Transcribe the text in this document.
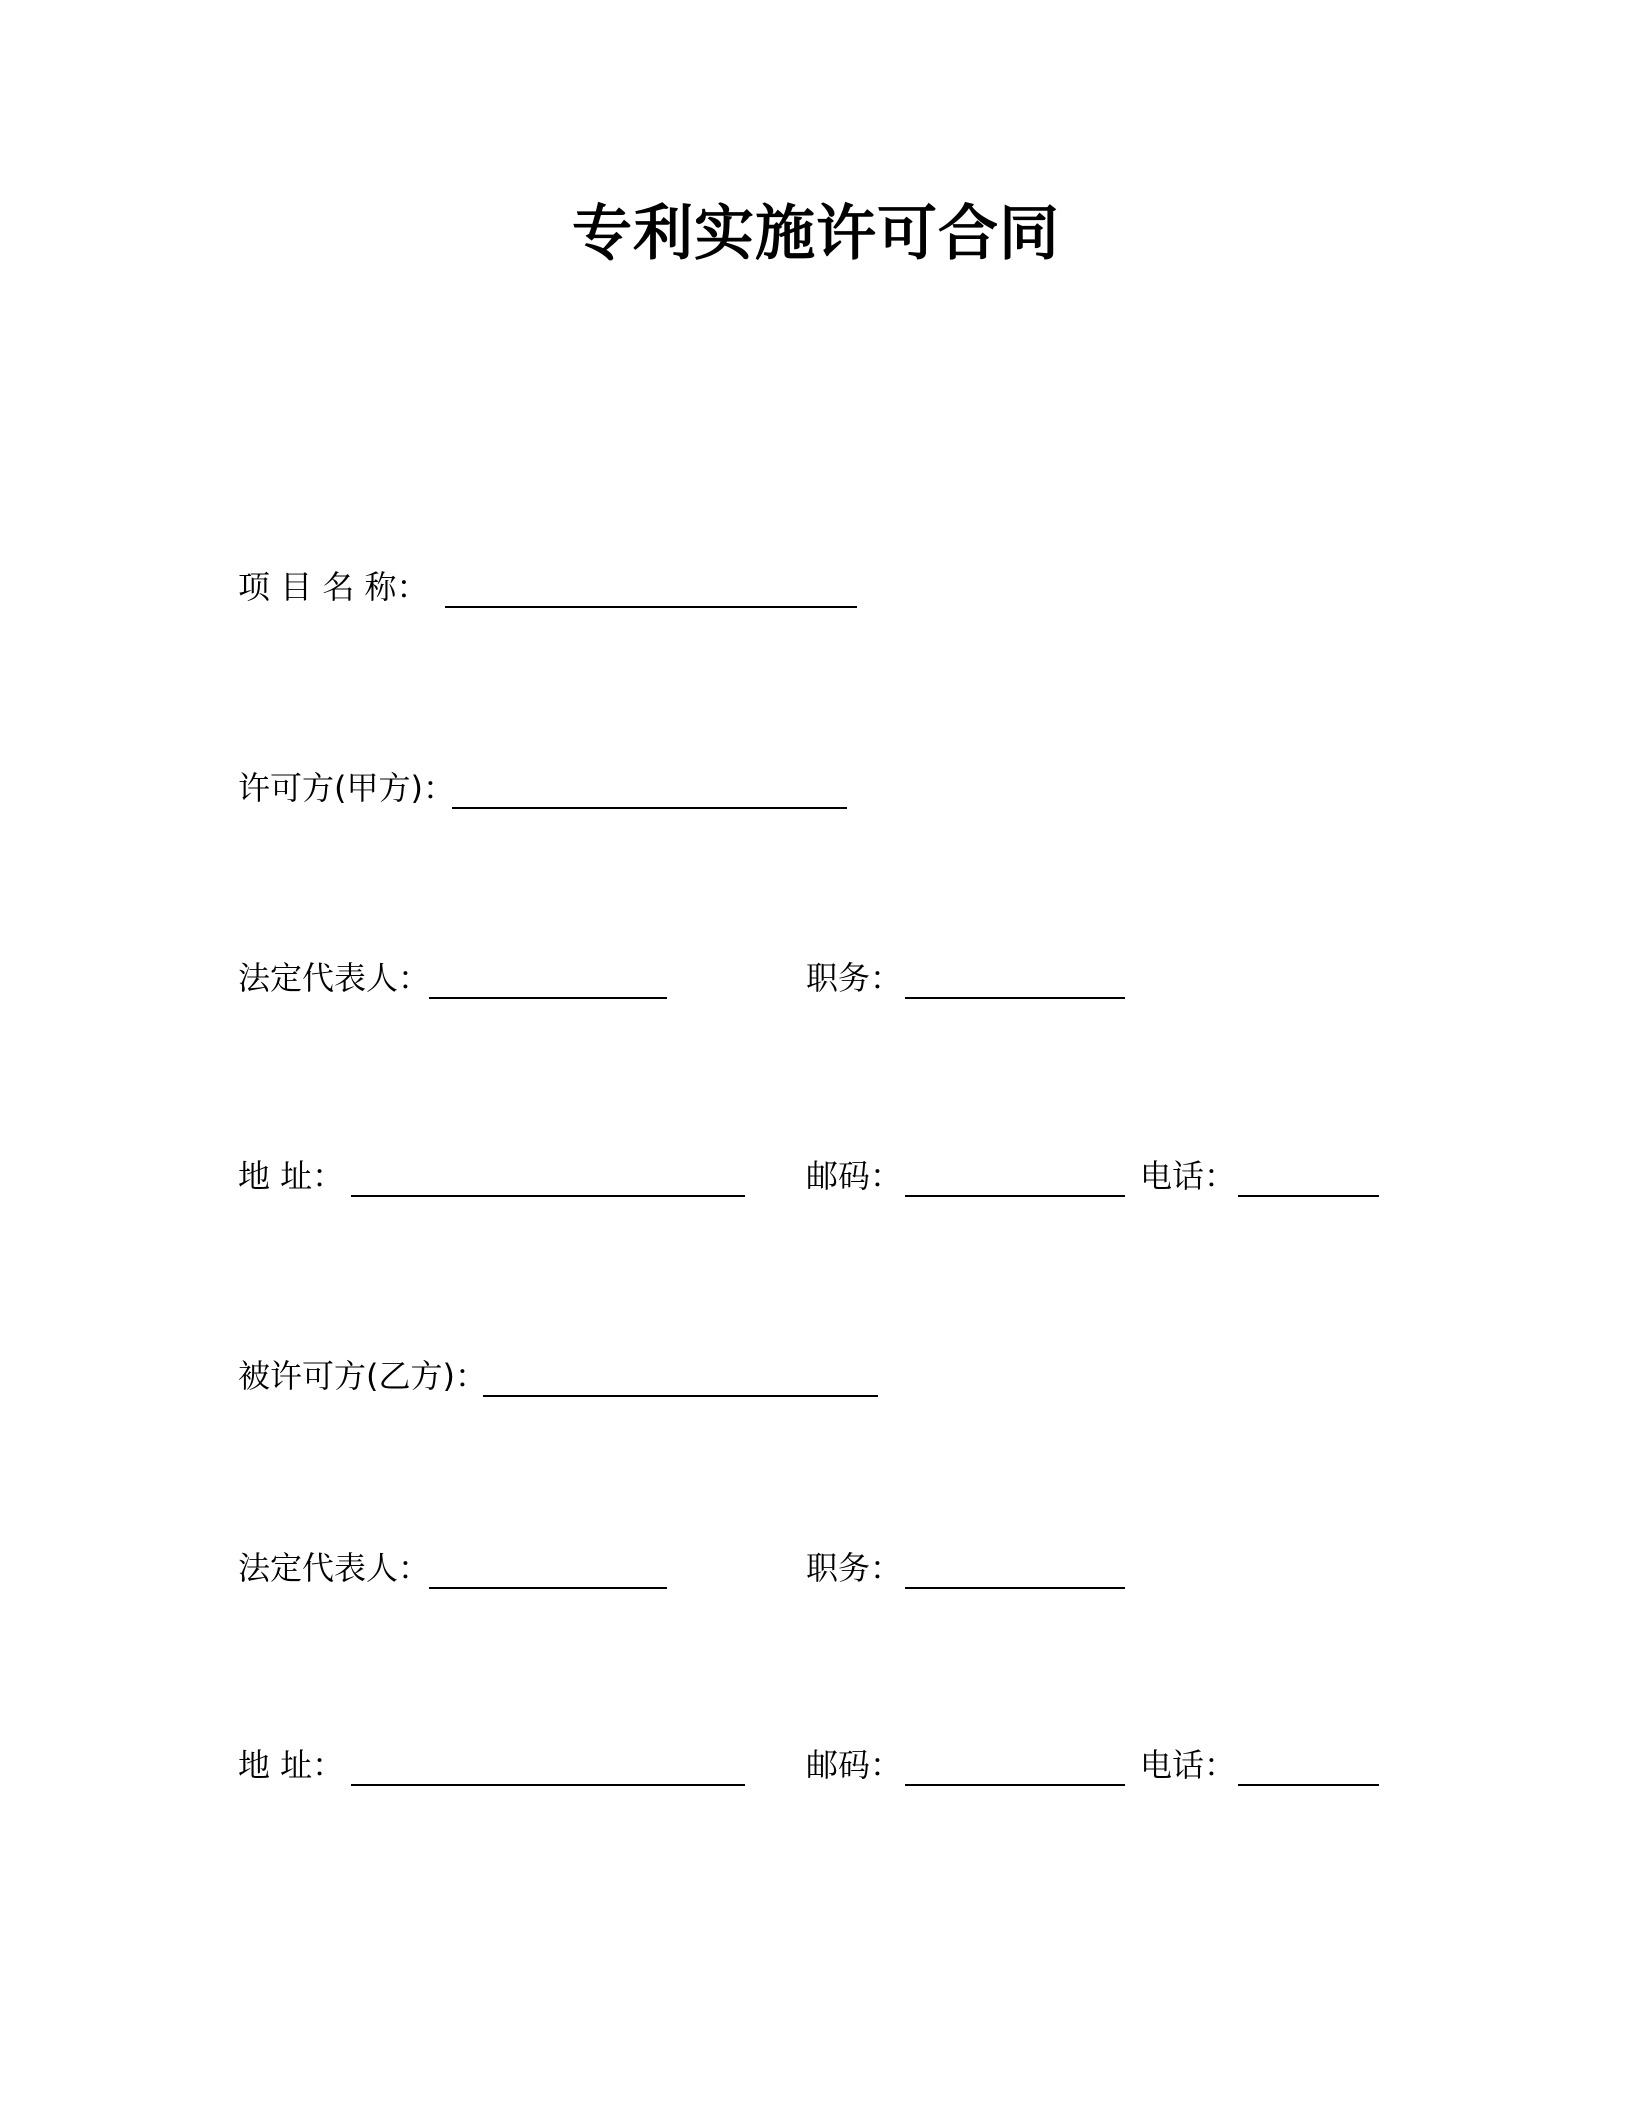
专利实施许可合同
项 目 名 称：
许可方(甲方)：
法定代表人：	职务：
地 址：	邮码：	电话：
被许可方(乙方)：
法定代表人：	职务：
地 址：	邮码：	电话：
